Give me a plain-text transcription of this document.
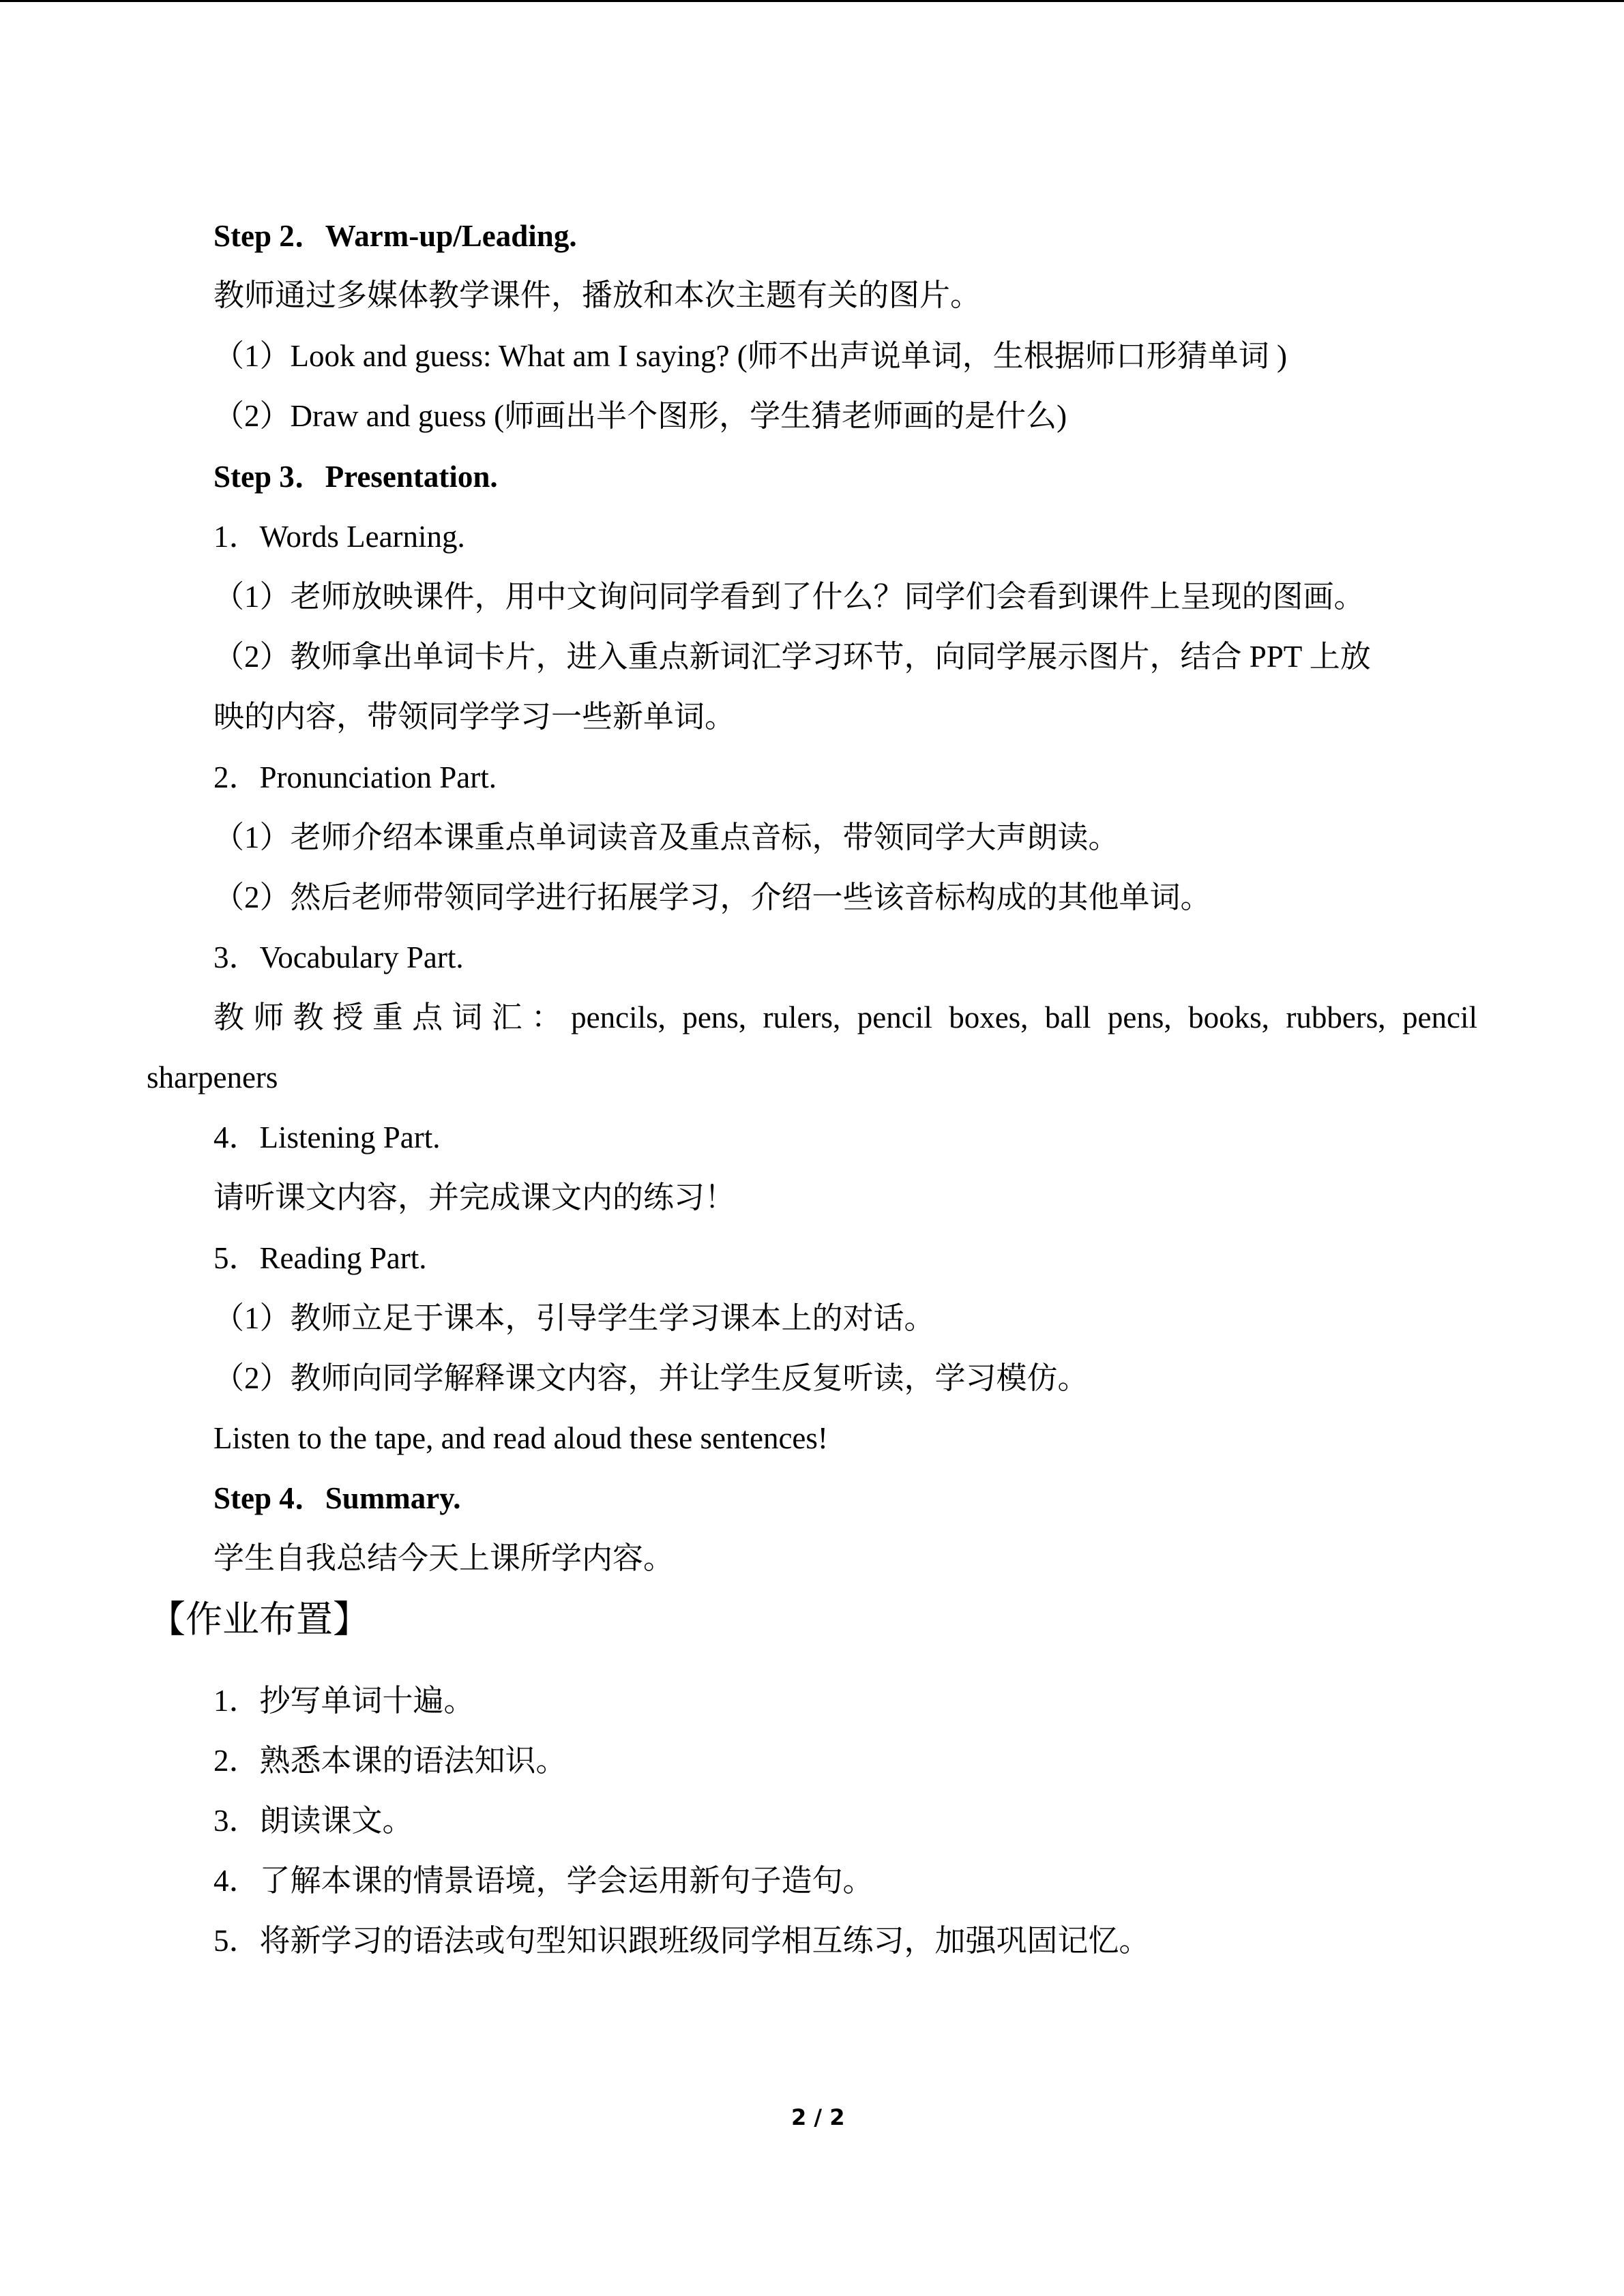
Step 2．Warm-up/Leading.
教师通过多媒体教学课件，播放和本次主题有关的图片。
（1）Look and guess: What am I saying? (师不出声说单词，生根据师口形猜单词 )
（2）Draw and guess (师画出半个图形，学生猜老师画的是什么)
Step 3．Presentation.
1．Words Learning.
（1）老师放映课件，用中文询问同学看到了什么？同学们会看到课件上呈现的图画。
（2）教师拿出单词卡片，进入重点新词汇学习环节，向同学展示图片，结合 PPT 上放
映的内容，带领同学学习一些新单词。
2．Pronunciation Part.
（1）老师介绍本课重点单词读音及重点音标，带领同学大声朗读。
（2）然后老师带领同学进行拓展学习，介绍一些该音标构成的其他单词。
3．Vocabulary Part.
教师教授重点词汇：pencils, pens, rulers, pencil boxes, ball pens, books, rubbers, pencil
sharpeners
4．Listening Part.
请听课文内容，并完成课文内的练习！
5．Reading Part.
（1）教师立足于课本，引导学生学习课本上的对话。
（2）教师向同学解释课文内容，并让学生反复听读，学习模仿。
Listen to the tape, and read aloud these sentences!
Step 4．Summary.
学生自我总结今天上课所学内容。
【作业布置】
1．抄写单词十遍。
2．熟悉本课的语法知识。
3．朗读课文。
4．了解本课的情景语境，学会运用新句子造句。
5．将新学习的语法或句型知识跟班级同学相互练习，加强巩固记忆。
2 / 2
